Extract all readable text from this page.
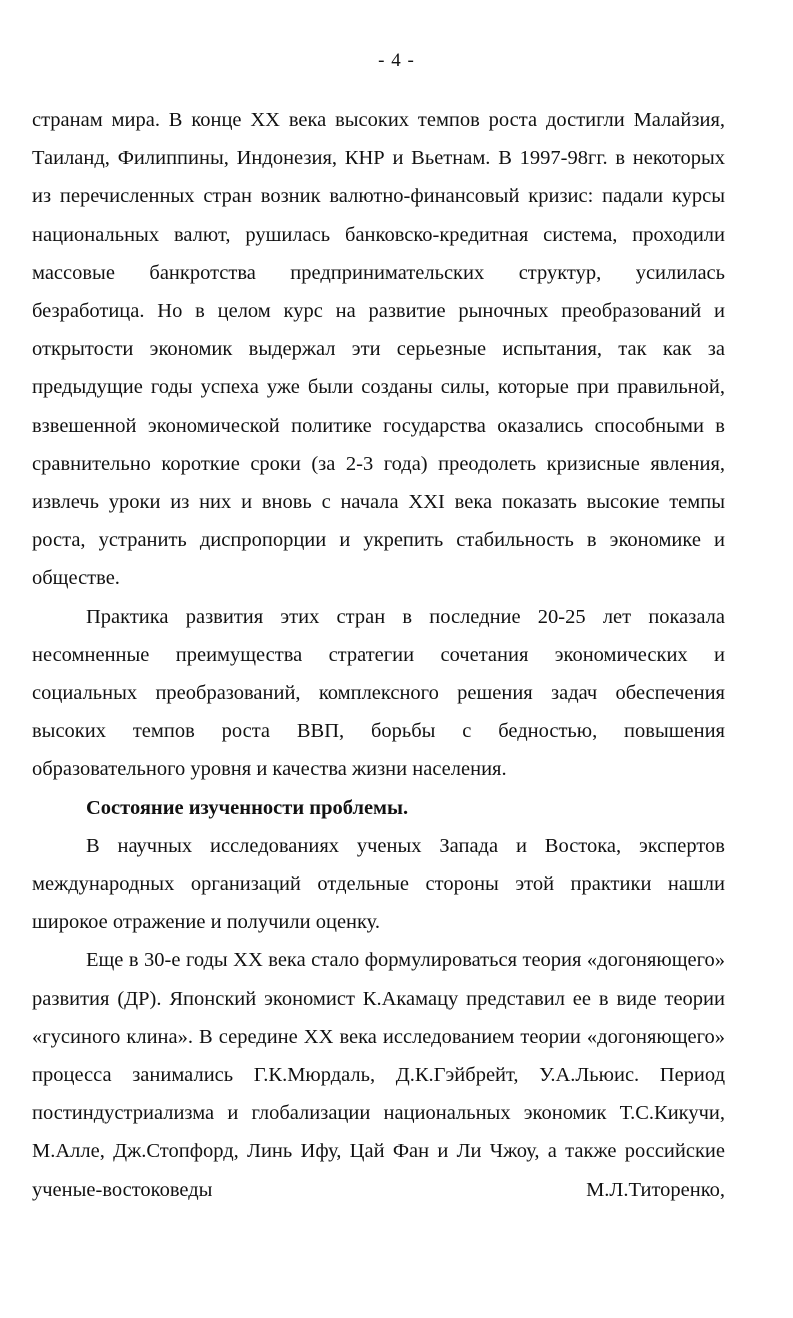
- 4 -

странам мира. В конце XX века высоких темпов роста достигли Малайзия, Таиланд, Филиппины, Индонезия, КНР и Вьетнам. В 1997-98гг. в некоторых из перечисленных стран возник валютно-финансовый кризис: падали курсы национальных валют, рушилась банковско-кредитная система, проходили массовые банкротства предпринимательских структур, усилилась безработица. Но в целом курс на развитие рыночных преобразований и открытости экономик выдержал эти серьезные испытания, так как за предыдущие годы успеха уже были созданы силы, которые при правильной, взвешенной экономической политике государства оказались способными в сравнительно короткие сроки (за 2-3 года) преодолеть кризисные явления, извлечь уроки из них и вновь с начала XXI века показать высокие темпы роста, устранить диспропорции и укрепить стабильность в экономике и обществе.

Практика развития этих стран в последние 20-25 лет показала несомненные преимущества стратегии сочетания экономических и социальных преобразований, комплексного решения задач обеспечения высоких темпов роста ВВП, борьбы с бедностью, повышения образовательного уровня и качества жизни населения.

Состояние изученности проблемы.

В научных исследованиях ученых Запада и Востока, экспертов международных организаций отдельные стороны этой практики нашли широкое отражение и получили оценку.

Еще в 30-е годы XX века стало формулироваться теория «догоняющего» развития (ДР). Японский экономист К.Акамацу представил ее в виде теории «гусиного клина». В середине XX века исследованием теории «догоняющего» процесса занимались Г.К.Мюрдаль, Д.К.Гэйбрейт, У.А.Льюис. Период постиндустриализма и глобализации национальных экономик Т.С.Кикучи, М.Алле, Дж.Стопфорд, Линь Ифу, Цай Фан и Ли Чжоу, а также российские ученые-востоковеды М.Л.Титоренко,
